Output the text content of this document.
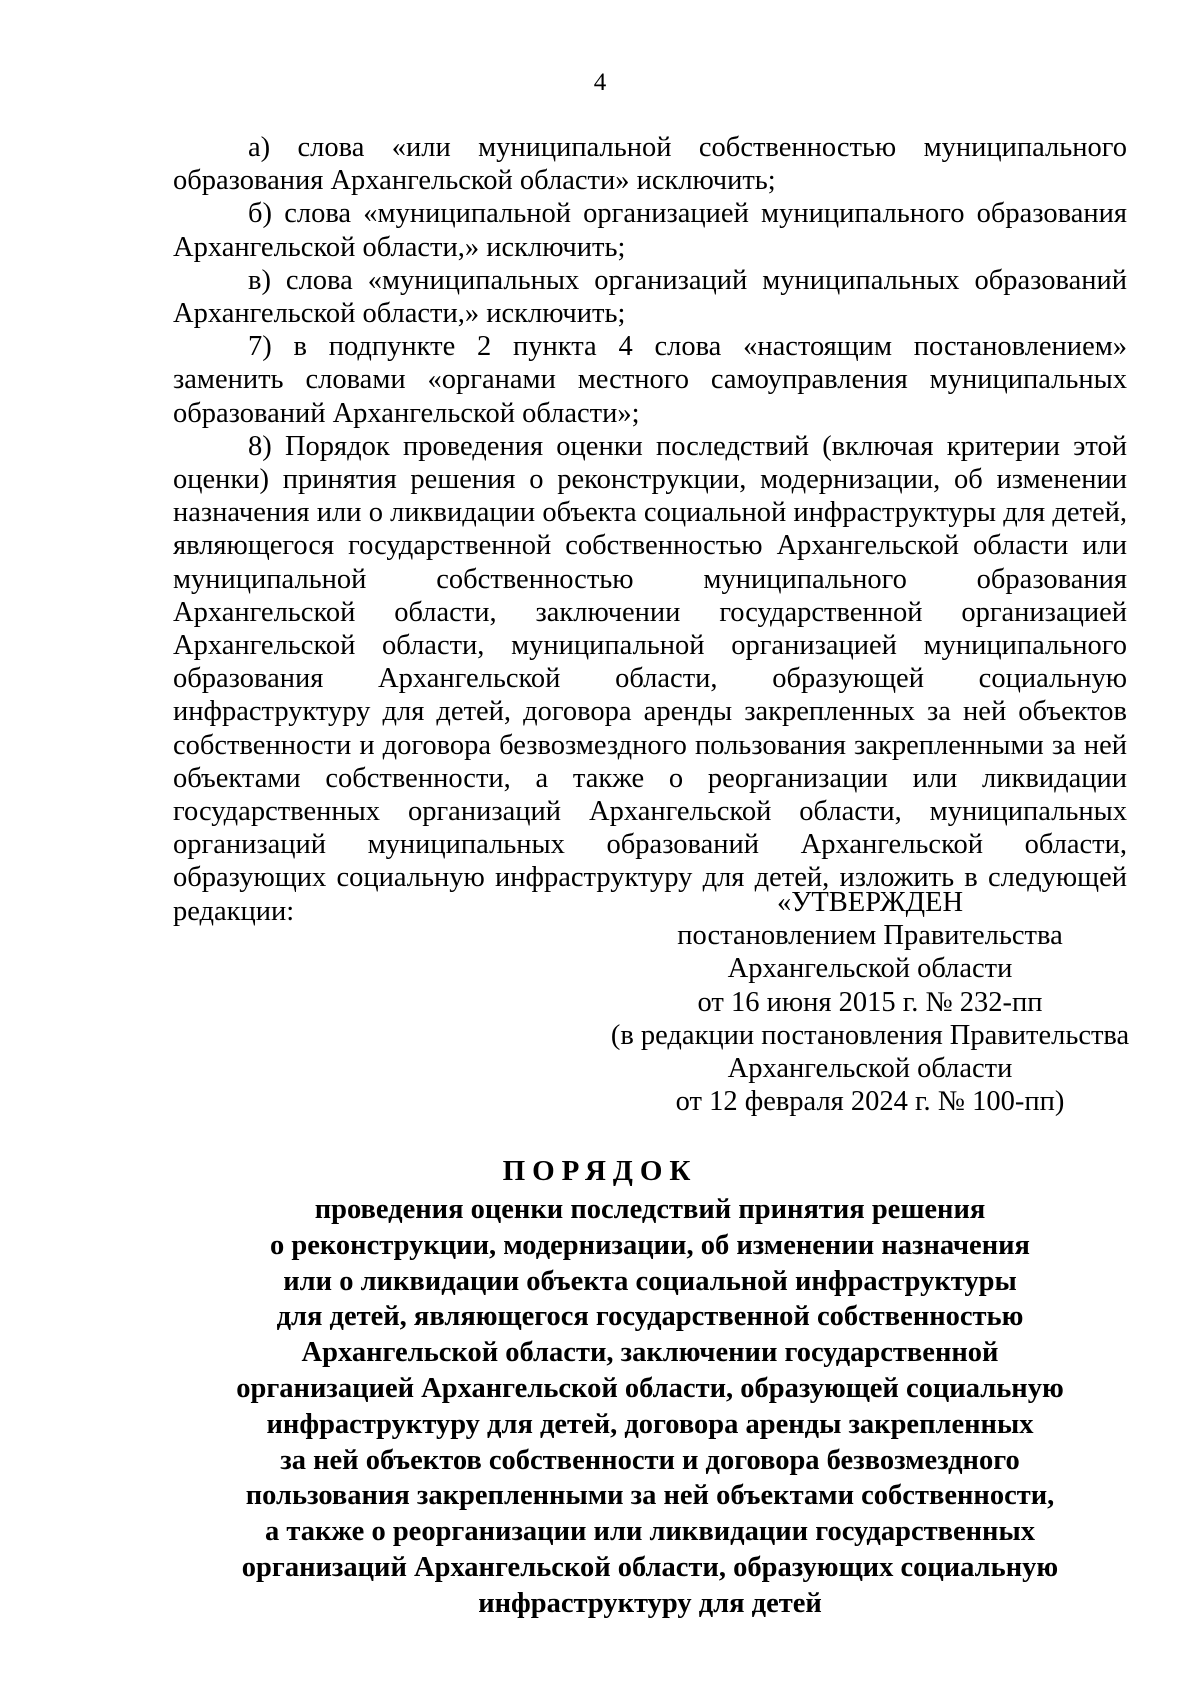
4

а) слова «или муниципальной собственностью муниципального образования Архангельской области» исключить;

б) слова «муниципальной организацией муниципального образования Архангельской области,» исключить;

в) слова «муниципальных организаций муниципальных образований Архангельской области,» исключить;

7) в подпункте 2 пункта 4 слова «настоящим постановлением» заменить словами «органами местного самоуправления муниципальных образований Архангельской области»;

8) Порядок проведения оценки последствий (включая критерии этой оценки) принятия решения о реконструкции, модернизации, об изменении назначения или о ликвидации объекта социальной инфраструктуры для детей, являющегося государственной собственностью Архангельской области или муниципальной собственностью муниципального образования Архангельской области, заключении государственной организацией Архангельской области, муниципальной организацией муниципального образования Архангельской области, образующей социальную инфраструктуру для детей, договора аренды закрепленных за ней объектов собственности и договора безвозмездного пользования закрепленными за ней объектами собственности, а также о реорганизации или ликвидации государственных организаций Архангельской области, муниципальных организаций муниципальных образований Архангельской области, образующих социальную инфраструктуру для детей, изложить в следующей редакции:	«УТВЕРЖДЕН
постановлением Правительства
Архангельской области
от 16 июня 2015 г. № 232-пп
(в редакции постановления Правительства
Архангельской области
от 12 февраля 2024 г. № 100-пп)
ПОРЯДОК
проведения оценки последствий принятия решения
о реконструкции, модернизации, об изменении назначения
или о ликвидации объекта социальной инфраструктуры
для детей, являющегося государственной собственностью
Архангельской области, заключении государственной
организацией Архангельской области, образующей социальную
инфраструктуру для детей, договора аренды закрепленных
за ней объектов собственности и договора безвозмездного
пользования закрепленными за ней объектами собственности,
а также о реорганизации или ликвидации государственных
организаций Архангельской области, образующих социальную
инфраструктуру для детей
